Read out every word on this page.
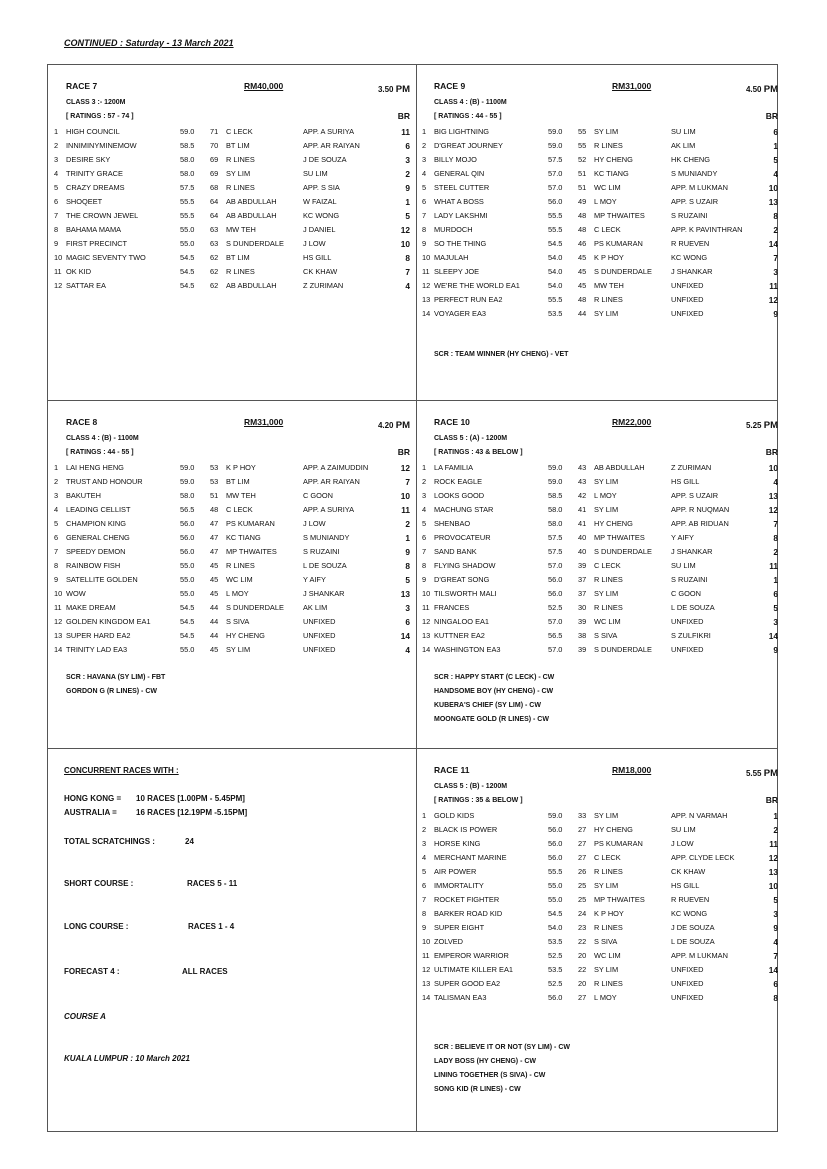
CONTINUED : Saturday - 13 March 2021
CONCURRENT RACES WITH :
HONG KONG = 10 RACES [1.00PM - 5.45PM]
AUSTRALIA = 16 RACES [12.19PM -5.15PM]
TOTAL SCRATCHINGS :	24
SHORT COURSE :	RACES 5 - 11
LONG COURSE :	RACES 1 - 4
FORECAST 4 :	ALL RACES
COURSE A
KUALA LUMPUR : 10 March 2021
RACE 7	RM40,000	3.50 PM
CLASS 3 :- 1200M
[ RATINGS : 57 - 74 ]	BR
1 HIGH COUNCIL	59.0 71 C LECK	APP. A SURIYA	11
2 INNIMINYMINEMOW	58.5 70 BT LIM	APP. AR RAIYAN	6
3 DESIRE SKY	58.0 69 R LINES	J DE SOUZA	3
4 TRINITY GRACE	58.0 69 SY LIM	SU LIM	2
5 CRAZY DREAMS	57.5 68 R LINES	APP. S SIA	9
6 SHOQEET	55.5 64 AB ABDULLAH	W FAIZAL	1
7 THE CROWN JEWEL	55.5 64 AB ABDULLAH	KC WONG	5
8 BAHAMA MAMA	55.0 63 MW TEH	J DANIEL	12
9 FIRST PRECINCT	55.0 63 S DUNDERDALE	J LOW	10
10 MAGIC SEVENTY TWO	54.5 62 BT LIM	HS GILL	8
11 OK KID	54.5 62 R LINES	CK KHAW	7
12 SATTAR EA	54.5 62 AB ABDULLAH	Z ZURIMAN	4
RACE 9	RM31,000	4.50 PM
CLASS 4 : (B) - 1100M
[ RATINGS : 44 - 55 ]	BR
1 BIG LIGHTNING	59.0 55 SY LIM	SU LIM	6
2 D'GREAT JOURNEY	59.0 55 R LINES	AK LIM	1
3 BILLY MOJO	57.5 52 HY CHENG	HK CHENG	5
4 GENERAL QIN	57.0 51 KC TIANG	S MUNIANDY	4
5 STEEL CUTTER	57.0 51 WC LIM	APP. M LUKMAN	10
6 WHAT A BOSS	56.0 49 L MOY	APP. S UZAIR	13
7 LADY LAKSHMI	55.5 48 MP THWAITES	S RUZAINI	8
8 MURDOCH	55.5 48 C LECK	APP. K PAVINTHRAN	2
9 SO THE THING	54.5 46 PS KUMARAN	R RUEVEN	14
10 MAJULAH	54.0 45 K P HOY	KC WONG	7
11 SLEEPY JOE	54.0 45 S DUNDERDALE	J SHANKAR	3
12 WE'RE THE WORLD EA1	54.0 45 MW TEH	UNFIXED	11
13 PERFECT RUN EA2	55.5 48 R LINES	UNFIXED	12
14 VOYAGER EA3	53.5 44 SY LIM	UNFIXED	9
SCR : TEAM WINNER (HY CHENG) - VET
RACE 8	RM31,000	4.20 PM
CLASS 4 : (B) - 1100M
[ RATINGS : 44 - 55 ]	BR
1 LAI HENG HENG	59.0 53 K P HOY	APP. A ZAIMUDDIN	12
2 TRUST AND HONOUR	59.0 53 BT LIM	APP. AR RAIYAN	7
3 BAKUTEH	58.0 51 MW TEH	C GOON	10
4 LEADING CELLIST	56.5 48 C LECK	APP. A SURIYA	11
5 CHAMPION KING	56.0 47 PS KUMARAN	J LOW	2
6 GENERAL CHENG	56.0 47 KC TIANG	S MUNIANDY	1
7 SPEEDY DEMON	56.0 47 MP THWAITES	S RUZAINI	9
8 RAINBOW FISH	55.0 45 R LINES	L DE SOUZA	8
9 SATELLITE GOLDEN	55.0 45 WC LIM	Y AIFY	5
10 WOW	55.0 45 L MOY	J SHANKAR	13
11 MAKE DREAM	54.5 44 S DUNDERDALE	AK LIM	3
12 GOLDEN KINGDOM EA1	54.5 44 S SIVA	UNFIXED	6
13 SUPER HARD EA2	54.5 44 HY CHENG	UNFIXED	14
14 TRINITY LAD EA3	55.0 45 SY LIM	UNFIXED	4
SCR : HAVANA (SY LIM) - FBT
GORDON G (R LINES) - CW
RACE 10	RM22,000	5.25 PM
CLASS 5 : (A) - 1200M
[ RATINGS : 43 & BELOW ]	BR
1 LA FAMILIA	59.0 43 AB ABDULLAH	Z ZURIMAN	10
2 ROCK EAGLE	59.0 43 SY LIM	HS GILL	4
3 LOOKS GOOD	58.5 42 L MOY	APP. S UZAIR	13
4 MACHUNG STAR	58.0 41 SY LIM	APP. R NUQMAN	12
5 SHENBAO	58.0 41 HY CHENG	APP. AB RIDUAN	7
6 PROVOCATEUR	57.5 40 MP THWAITES	Y AIFY	8
7 SAND BANK	57.5 40 S DUNDERDALE	J SHANKAR	2
8 FLYING SHADOW	57.0 39 C LECK	SU LIM	11
9 D'GREAT SONG	56.0 37 R LINES	S RUZAINI	1
10 TILSWORTH MALI	56.0 37 SY LIM	C GOON	6
11 FRANCES	52.5 30 R LINES	L DE SOUZA	5
12 NINGALOO EA1	57.0 39 WC LIM	UNFIXED	3
13 KUTTNER EA2	56.5 38 S SIVA	S ZULFIKRI	14
14 WASHINGTON EA3	57.0 39 S DUNDERDALE	UNFIXED	9
SCR : HAPPY START (C LECK) - CW
HANDSOME BOY (HY CHENG) - CW
KUBERA'S CHIEF (SY LIM) - CW
MOONGATE GOLD (R LINES) - CW
RACE 11	RM18,000	5.55 PM
CLASS 5 : (B) - 1200M
[ RATINGS : 35 & BELOW ]	BR
1 GOLD KIDS	59.0 33 SY LIM	APP. N VARMAH	1
2 BLACK IS POWER	56.0 27 HY CHENG	SU LIM	2
3 HORSE KING	56.0 27 PS KUMARAN	J LOW	11
4 MERCHANT MARINE	56.0 27 C LECK	APP. CLYDE LECK	12
5 AIR POWER	55.5 26 R LINES	CK KHAW	13
6 IMMORTALITY	55.0 25 SY LIM	HS GILL	10
7 ROCKET FIGHTER	55.0 25 MP THWAITES	R RUEVEN	5
8 BARKER ROAD KID	54.5 24 K P HOY	KC WONG	3
9 SUPER EIGHT	54.0 23 R LINES	J DE SOUZA	9
10 ZOLVED	53.5 22 S SIVA	L DE SOUZA	4
11 EMPEROR WARRIOR	52.5 20 WC LIM	APP. M LUKMAN	7
12 ULTIMATE KILLER EA1	53.5 22 SY LIM	UNFIXED	14
13 SUPER GOOD EA2	52.5 20 R LINES	UNFIXED	6
14 TALISMAN EA3	56.0 27 L MOY	UNFIXED	8
SCR : BELIEVE IT OR NOT (SY LIM) - CW
LADY BOSS (HY CHENG) - CW
LINING TOGETHER (S SIVA) - CW
SONG KID (R LINES) - CW
